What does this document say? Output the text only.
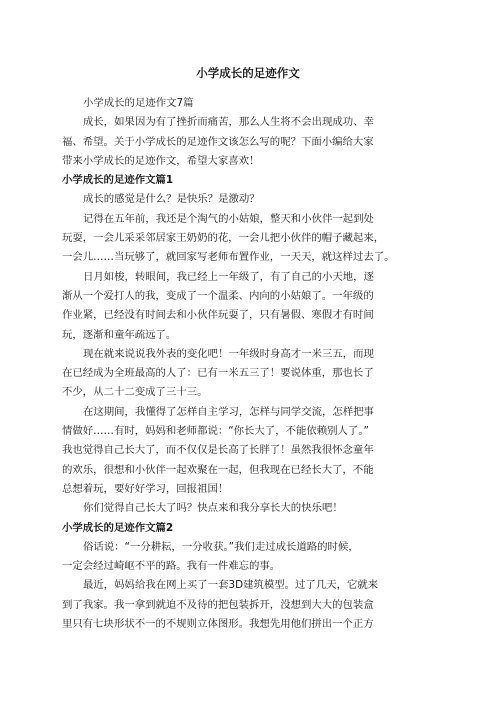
小学成长的足迹作文
小学成长的足迹作文7篇
成长，如果因为有了挫折而痛苦，那么人生将不会出现成功、幸
福、希望。关于小学成长的足迹作文该怎么写的呢？下面小编给大家
带来小学成长的足迹作文，希望大家喜欢！
小学成长的足迹作文篇1
成长的感觉是什么？是快乐？是激动？
记得在五年前，我还是个淘气的小姑娘，整天和小伙伴一起到处
玩耍，一会儿采采邻居家王奶奶的花，一会儿把小伙伴的帽子藏起来，
一会儿……当玩够了，就回家写老师布置作业，一天天，就这样过去了。
日月如梭，转眼间，我已经上一年级了，有了自己的小天地，逐
渐从一个爱打人的我，变成了一个温柔、内向的小姑娘了。一年级的
作业紧，已经没有时间去和小伙伴玩耍了，只有暑假、寒假才有时间
玩，逐渐和童年疏远了。
现在就来说说我外表的变化吧！一年级时身高才一米三五，而现
在已经成为全班最高的人了：已有一米五三了！要说体重，那也长了
不少，从二十二变成了三十三。
在这期间，我懂得了怎样自主学习，怎样与同学交流，怎样把事
情做好……有时，妈妈和老师都说：“你长大了，不能依赖别人了。”
我也觉得自己长大了，而不仅仅是长高了长胖了！虽然我很怀念童年
的欢乐，很想和小伙伴一起欢聚在一起，但我现在已经长大了，不能
总想着玩，要好好学习，回报祖国！
你们觉得自己长大了吗？快点来和我分享长大的快乐吧！
小学成长的足迹作文篇2
俗话说：“一分耕耘，一分收获。”我们走过成长道路的时候，
一定会经过崎岖不平的路。我有一件难忘的事。
最近，妈妈给我在网上买了一套3D建筑模型。过了几天，它就来
到了我家。我一拿到就迫不及待的把包装拆开，没想到大大的包装盒
里只有七块形状不一的不规则立体图形。我想先用他们拼出一个正方
